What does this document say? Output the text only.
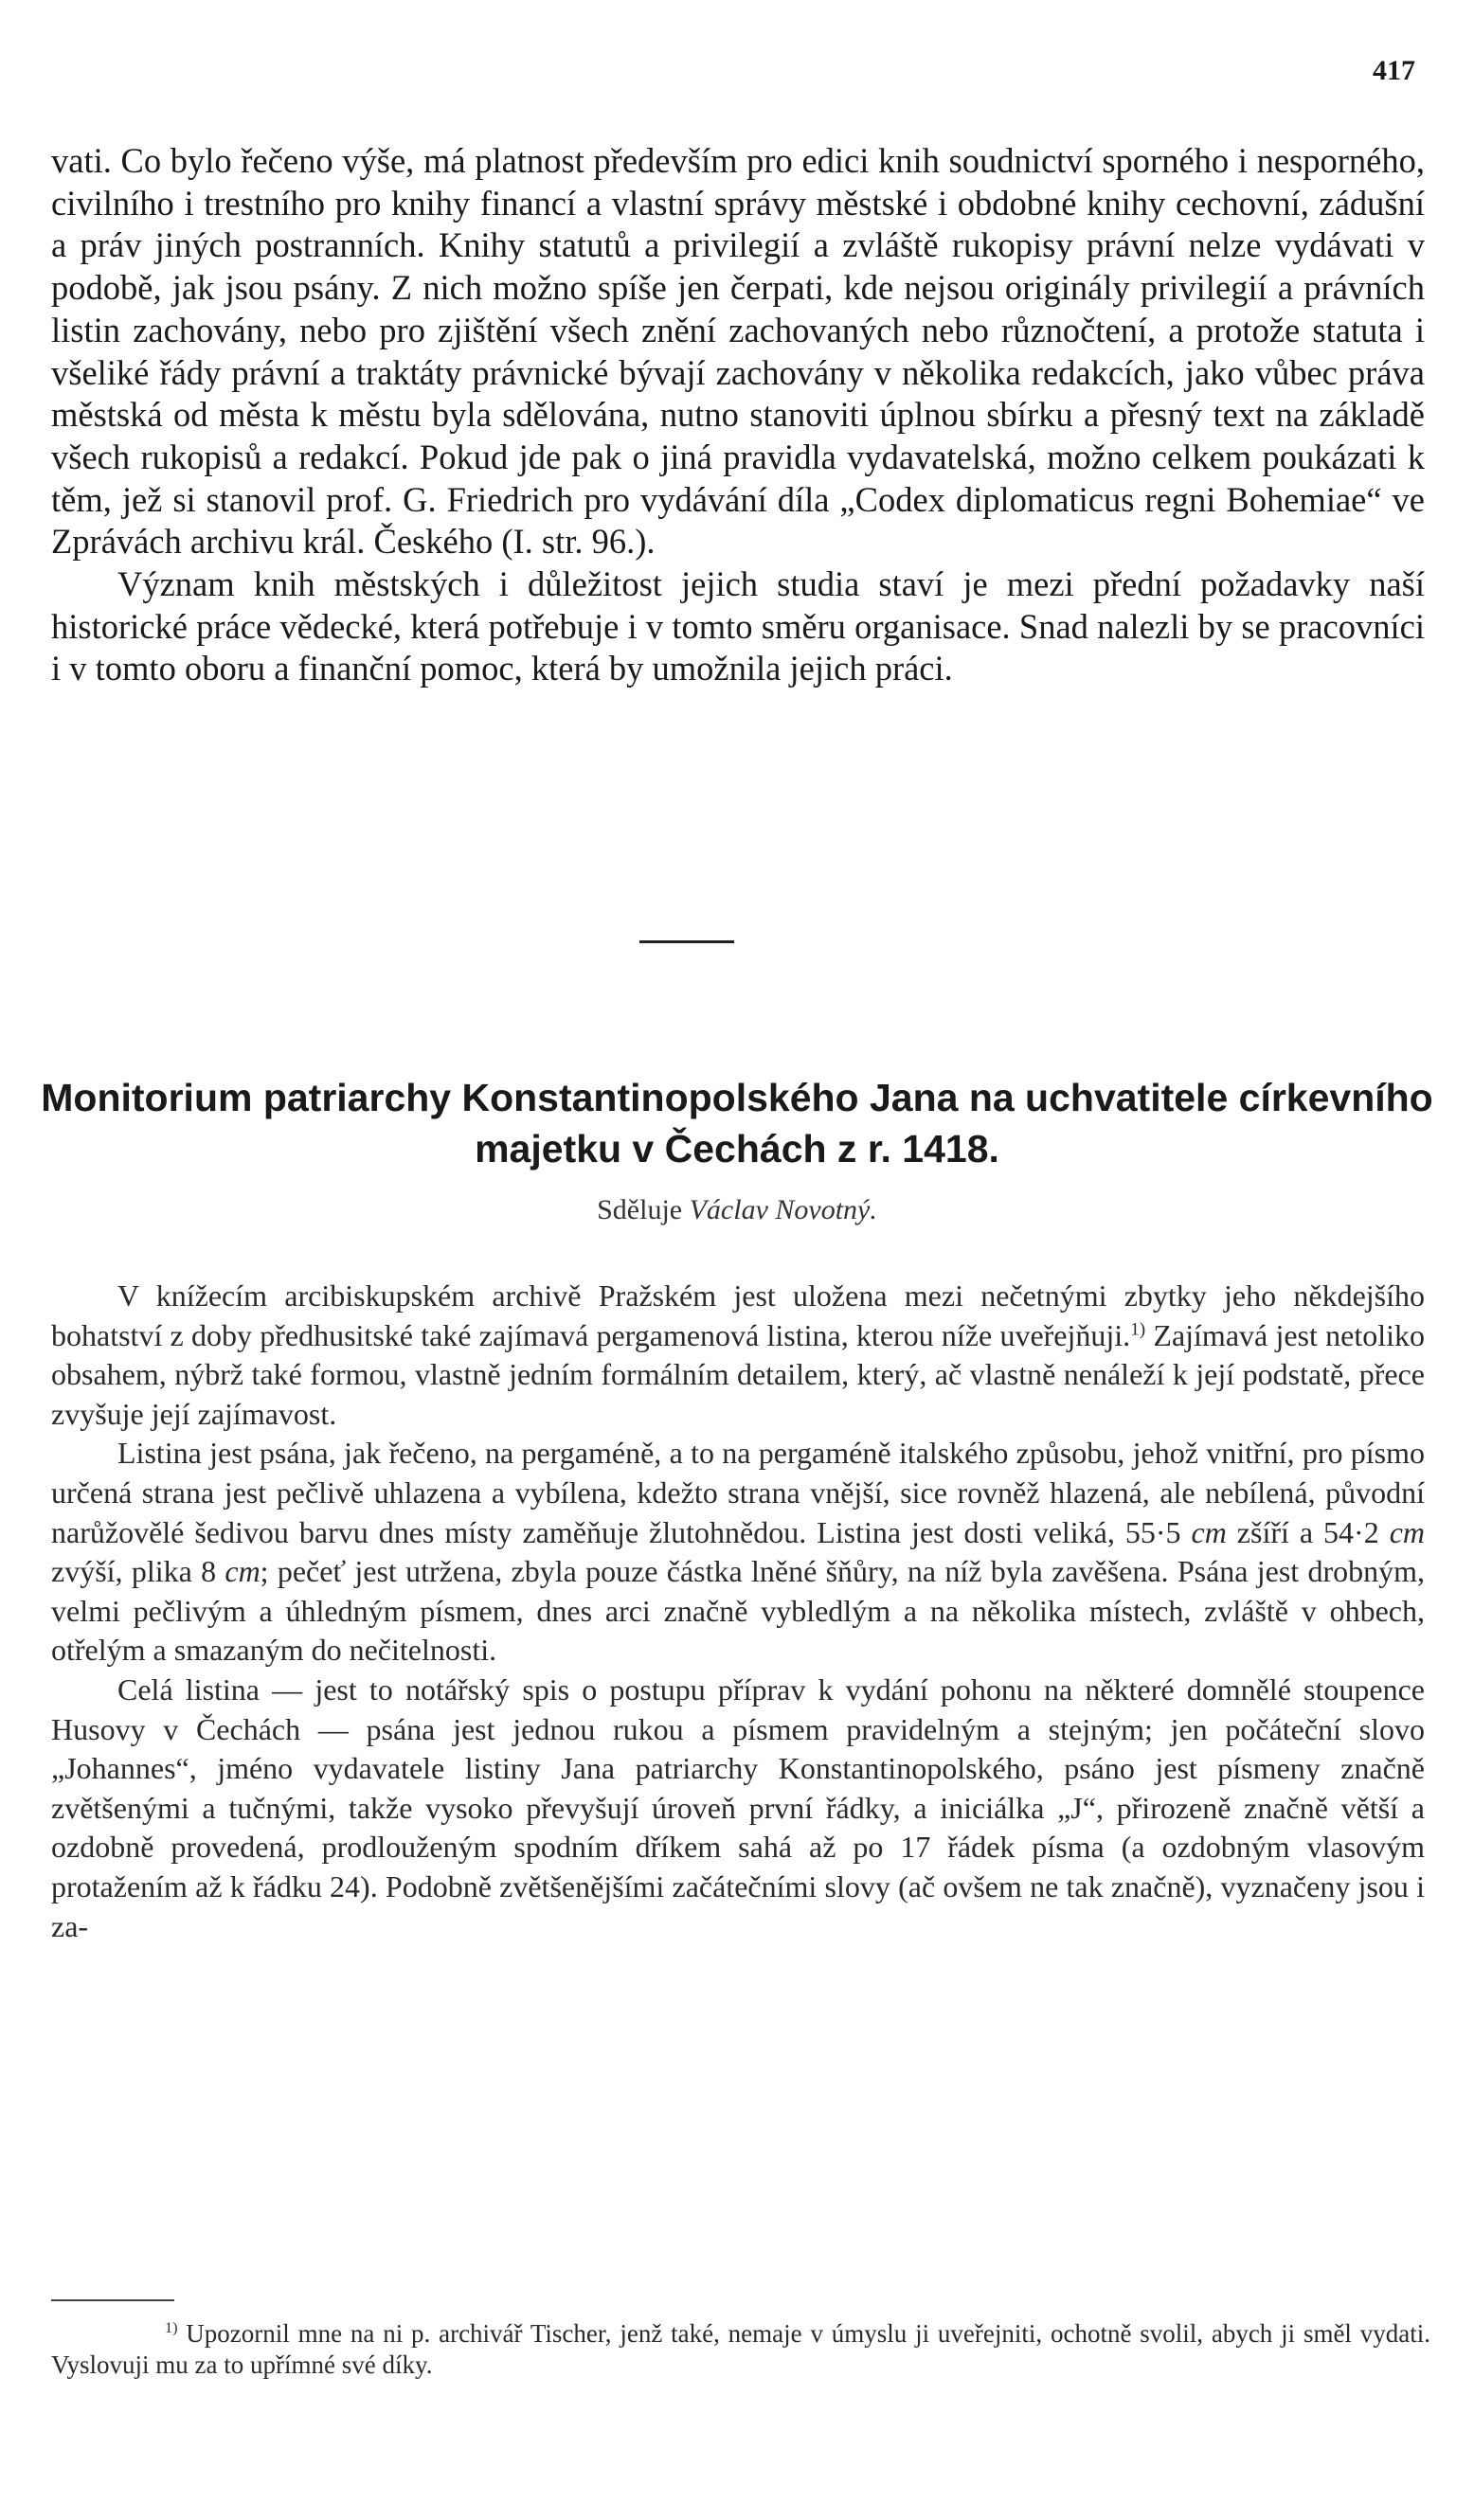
417

vati. Co bylo řečeno výše, má platnost především pro edici knih soudnictví sporného i nesporného, civilního i trestního pro knihy financí a vlastní správy městské i obdobné knihy cechovní, zádušní a práv jiných postranních. Knihy statutů a privilegií a zvláště rukopisy právní nelze vydávati v podobě, jak jsou psány. Z nich možno spíše jen čerpati, kde nejsou originály privilegií a právních listin zachovány, nebo pro zjištění všech znění zachovaných nebo různočtení, a protože statuta i všeliké řády právní a traktáty právnické bývají zachovány v několika redakcích, jako vůbec práva městská od města k městu byla sdělována, nutno stanoviti úplnou sbírku a přesný text na základě všech rukopisů a redakcí. Pokud jde pak o jiná pravidla vydavatelská, možno celkem poukázati k těm, jež si stanovil prof. G. Friedrich pro vydávání díla „Codex diplomaticus regni Bohemiae“ ve Zprávách archivu král. Českého (I. str. 96.).

Význam knih městských i důležitost jejich studia staví je mezi přední požadavky naší historické práce vědecké, která potřebuje i v tomto směru organisace. Snad nalezli by se pracovníci i v tomto oboru a finanční pomoc, která by umožnila jejich práci.

Monitorium patriarchy Konstantinopolského Jana na uchvatitele církevního majetku v Čechách z r. 1418.
Sděluje Václav Novotný.

V knížecím arcibiskupském archivě Pražském jest uložena mezi nečetnými zbytky jeho někdejšího bohatství z doby předhusitské také zajímavá pergamenová listina, kterou níže uveřejňuji.$^{1)}$ Zajímavá jest netoliko obsahem, nýbrž také formou, vlastně jedním formálním detailem, který, ač vlastně nenáleží k její podstatě, přece zvyšuje její zajímavost.

Listina jest psána, jak řečeno, na pergaméně, a to na pergaméně italského způsobu, jehož vnitřní, pro písmo určená strana jest pečlivě uhlazena a vybílena, kdežto strana vnější, sice rovněž hlazená, ale nebílená, původní narůžovělé šedivou barvu dnes místy zaměňuje žlutohnědou. Listina jest dosti veliká, 55·5 cm zšíří a 54·2 cm zvýší, plika 8 cm; pečeť jest utržena, zbyla pouze částka lněné šňůry, na níž byla zavěšena. Psána jest drobným, velmi pečlivým a úhledným písmem, dnes arci značně vybledlým a na několika místech, zvláště v ohbech, otřelým a smazaným do nečitelnosti.

Celá listina — jest to notářský spis o postupu příprav k vydání pohonu na některé domnělé stoupence Husovy v Čechách — psána jest jednou rukou a písmem pravidelným a stejným; jen počáteční slovo „Johannes“, jméno vydavatele listiny Jana patriarchy Konstantinopolského, psáno jest písmeny značně zvětšenými a tučnými, takže vysoko převyšují úroveň první řádky, a iniciálka „J“, přirozeně značně větší a ozdobně provedená, prodlouženým spodním dříkem sahá až po 17 řádek písma (a ozdobným vlasovým protažením až k řádku 24). Podobně zvětšenějšími začátečními slovy (ač ovšem ne tak značně), vyznačeny jsou i za-

$^{1)}$ Upozornil mne na ni p. archivář Tischer, jenž také, nemaje v úmyslu ji uveřejniti, ochotně svolil, abych ji směl vydati. Vyslovuji mu za to upřímné své díky.
